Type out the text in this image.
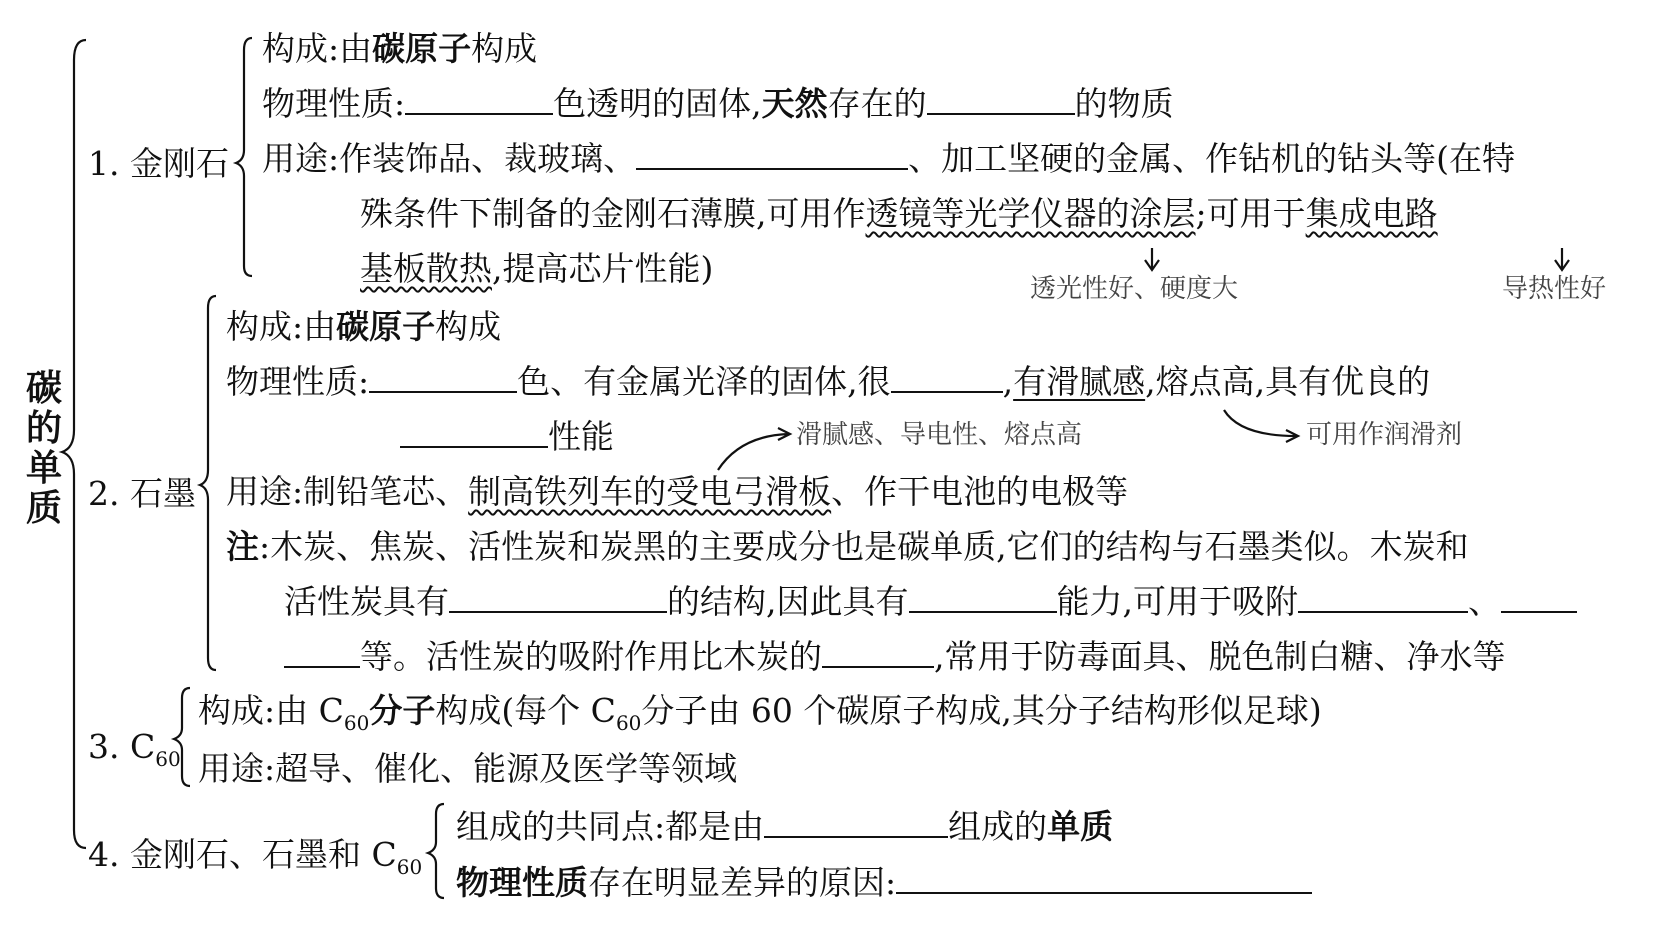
碳的单质
1. 金刚石
构成:由碳原子构成
物理性质:	色透明的固体,天然存在的	的物质
用途:作装饰品、裁玻璃、	、加工坚硬的金属、作钻机的钻头等(在特
殊条件下制备的金刚石薄膜,可用作透镜等光学仪器的涂层;可用于集成电路
基板散热,提高芯片性能)
透光性好、硬度大	导热性好
2. 石墨
构成:由碳原子构成
物理性质:	色、有金属光泽的固体,很	,有滑腻感,熔点高,具有优良的
性能	滑腻感、导电性、熔点高	可用作润滑剂
用途:制铅笔芯、制高铁列车的受电弓滑板、作干电池的电极等
注:木炭、焦炭、活性炭和炭黑的主要成分也是碳单质,它们的结构与石墨类似。木炭和
活性炭具有	的结构,因此具有	能力,可用于吸附	、
等。活性炭的吸附作用比木炭的	,常用于防毒面具、脱色制白糖、净水等
3. $C_{60}$
构成:由 $C_{60}$分子构成(每个 $C_{60}$分子由 60 个碳原子构成,其分子结构形似足球)
用途:超导、催化、能源及医学等领域
4. 金刚石、石墨和 $C_{60}$
组成的共同点:都是由	组成的单质
物理性质存在明显差异的原因:
